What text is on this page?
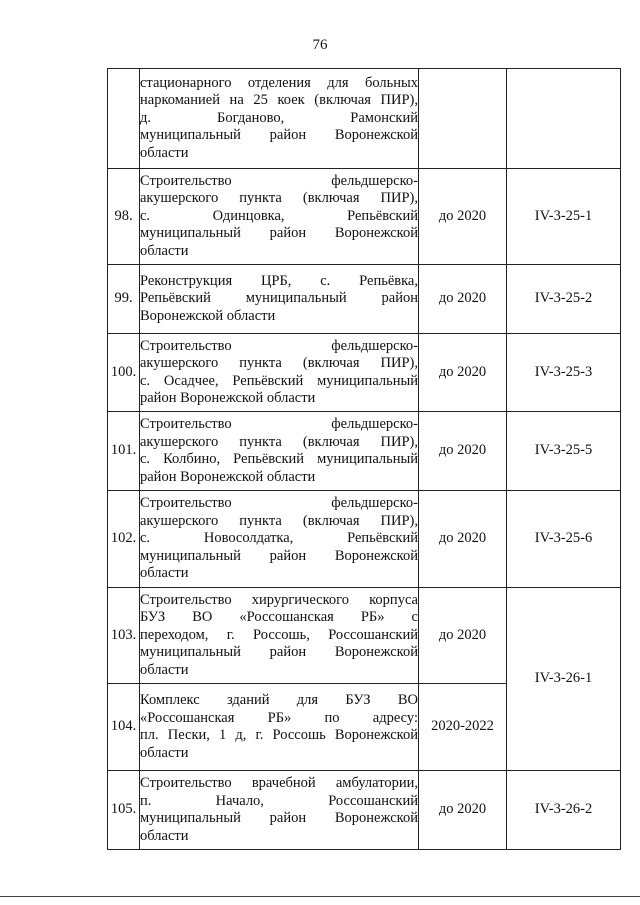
76

	стационарного отделения для больных
наркоманией на 25 коек (включая ПИР),
д. Богданово, Рамонский
муниципальный район Воронежской
области		

98.	Строительство фельдшерско-
акушерского пункта (включая ПИР),
с. Одинцовка, Репьёвский
муниципальный район Воронежской
области	до 2020	IV-3-25-1
99.	Реконструкция ЦРБ, с. Репьёвка,
Репьёвский муниципальный район
Воронежской области	до 2020	IV-3-25-2
100.	Строительство фельдшерско-
акушерского пункта (включая ПИР),
с. Осадчее, Репьёвский муниципальный
район Воронежской области	до 2020	IV-3-25-3
101.	Строительство фельдшерско-
акушерского пункта (включая ПИР),
с. Колбино, Репьёвский муниципальный
район Воронежской области	до 2020	IV-3-25-5
102.	Строительство фельдшерско-
акушерского пункта (включая ПИР),
с. Новосолдатка, Репьёвский
муниципальный район Воронежской
области	до 2020	IV-3-25-6
103.	Строительство хирургического корпуса
БУЗ ВО «Россошанская РБ» с
переходом, г. Россошь, Россошанский
муниципальный район Воронежской
области	до 2020	IV-3-26-1
104.	Комплекс зданий для БУЗ ВО
«Россошанская РБ» по адресу:
пл. Пески, 1 д, г. Россошь Воронежской
области	2020-2022	
105.	Строительство врачебной амбулатории,
п. Начало, Россошанский
муниципальный район Воронежской
области	до 2020	IV-3-26-2
